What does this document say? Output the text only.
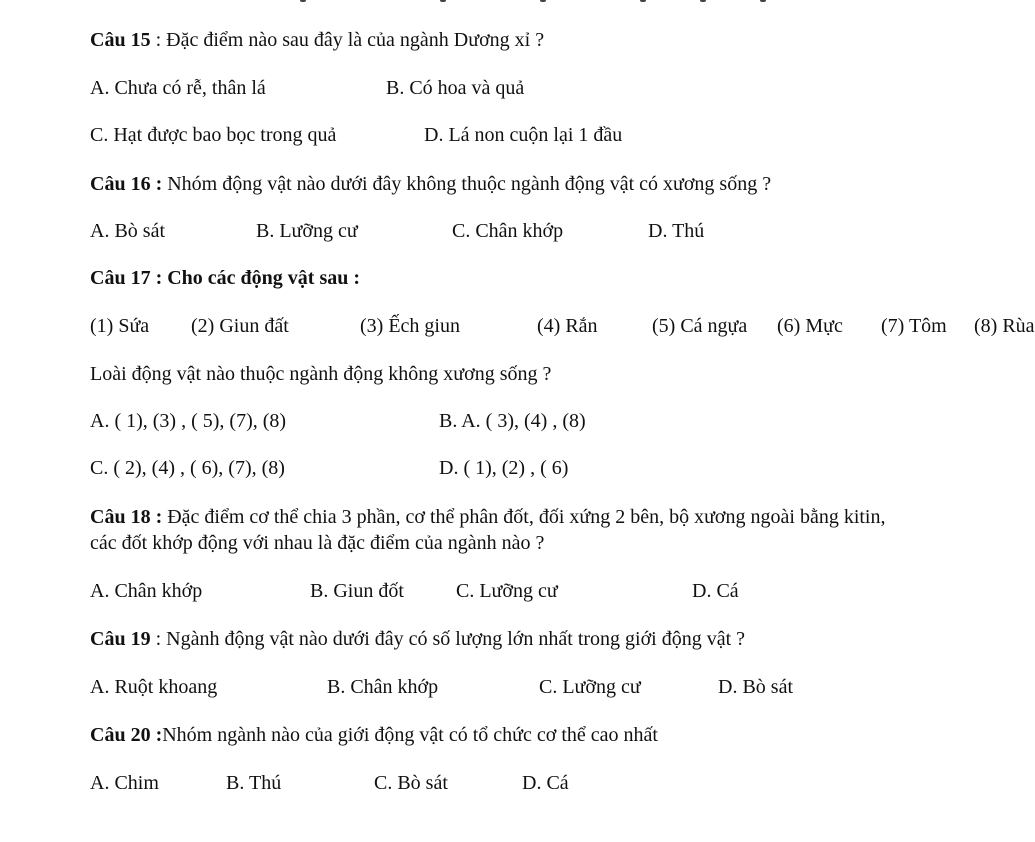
Câu 15 : Đặc điểm nào sau đây là của ngành Dương xỉ ?
A. Chưa có rễ, thân lá	B. Có hoa và quả
C. Hạt được bao bọc trong quả	D. Lá non cuộn lại 1 đầu
Câu 16 : Nhóm động vật nào dưới đây không thuộc ngành động vật có xương sống ?
A. Bò sát	B. Lưỡng cư	C. Chân khớp	D. Thú
Câu 17 : Cho các động vật sau :
(1) Sứa (2) Giun đất	(3) Ếch giun	(4) Rắn	(5) Cá ngựa (6) Mực (7) Tôm (8) Rùa
Loài động vật nào thuộc ngành động không xương sống ?
A. ( 1), (3) , ( 5), (7), (8)	B. A. ( 3), (4) , (8)
C. ( 2), (4) , ( 6), (7), (8)	D. ( 1), (2) , ( 6)
Câu 18 : Đặc điểm cơ thể chia 3 phần, cơ thể phân đốt, đối xứng 2 bên, bộ xương ngoài bằng kitin,
các đốt khớp động với nhau là đặc điểm của ngành nào ?
A. Chân khớp	B. Giun đốt	C. Lưỡng cư	D. Cá
Câu 19 : Ngành động vật nào dưới đây có số lượng lớn nhất trong giới động vật ?
A. Ruột khoang	B. Chân khớp	C. Lưỡng cư	D. Bò sát
Câu 20 :Nhóm ngành nào của giới động vật có tổ chức cơ thể cao nhất
A. Chim	B. Thú	C. Bò sát	D. Cá
